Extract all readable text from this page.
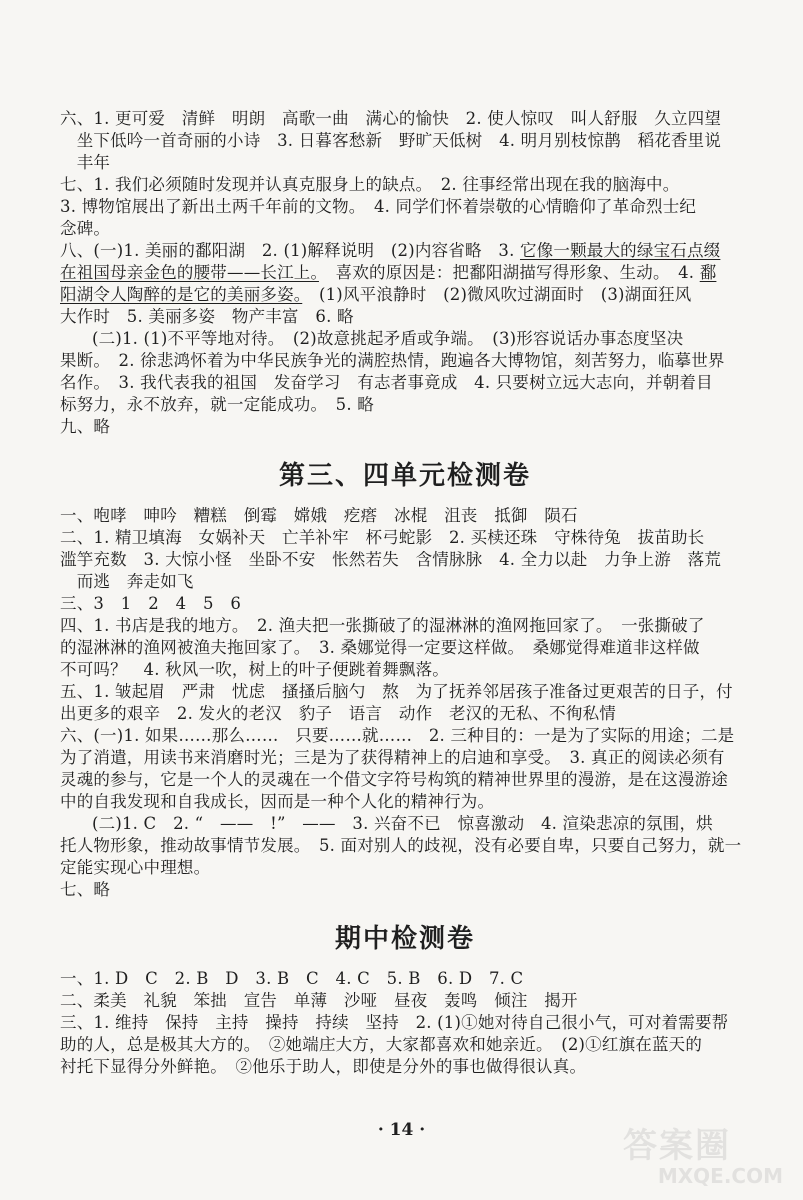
六、1. 更可爱　清鲜　明朗　高歌一曲　满心的愉快　2. 使人惊叹　叫人舒服　久立四望
　坐下低吟一首奇丽的小诗　3. 日暮客愁新　野旷天低树　4. 明月别枝惊鹊　稻花香里说
　丰年
七、1. 我们必须随时发现并认真克服身上的缺点。　2. 往事经常出现在我的脑海中。
3. 博物馆展出了新出土两千年前的文物。　4. 同学们怀着崇敬的心情瞻仰了革命烈士纪
念碑。
八、(一)1. 美丽的鄱阳湖　2. (1)解释说明　(2)内容省略　3. 它像一颗最大的绿宝石点缀
在祖国母亲金色的腰带——长江上。　喜欢的原因是：把鄱阳湖描写得形象、生动。　4. 鄱
阳湖令人陶醉的是它的美丽多姿。　(1)风平浪静时　(2)微风吹过湖面时　(3)湖面狂风
大作时　5. 美丽多姿　物产丰富　6. 略
(二)1. (1)不平等地对待。　(2)故意挑起矛盾或争端。　(3)形容说话办事态度坚决
果断。　2. 徐悲鸿怀着为中华民族争光的满腔热情，跑遍各大博物馆，刻苦努力，临摹世界
名作。　3. 我代表我的祖国　发奋学习　有志者事竟成　4. 只要树立远大志向，并朝着目
标努力，永不放弃，就一定能成功。　5. 略
九、略
第三、四单元检测卷
一、咆哮　呻吟　糟糕　倒霉　嫦娥　疙瘩　冰棍　沮丧　抵御　陨石
二、1. 精卫填海　女娲补天　亡羊补牢　杯弓蛇影　2. 买椟还珠　守株待兔　拔苗助长
滥竽充数　3. 大惊小怪　坐卧不安　怅然若失　含情脉脉　4. 全力以赴　力争上游　落荒
　而逃　奔走如飞
三、3　1　2　4　5　6
四、1. 书店是我的地方。　2. 渔夫把一张撕破了的湿淋淋的渔网拖回家了。　一张撕破了
的湿淋淋的渔网被渔夫拖回家了。　3. 桑娜觉得一定要这样做。　桑娜觉得难道非这样做
不可吗？　4. 秋风一吹，树上的叶子便跳着舞飘落。
五、1. 皱起眉　严肃　忧虑　搔搔后脑勺　熬　为了抚养邻居孩子准备过更艰苦的日子，付
出更多的艰辛　2. 发火的老汉　豹子　语言　动作　老汉的无私、不徇私情
六、(一)1. 如果……那么……　只要……就……　2. 三种目的：一是为了实际的用途；二是
为了消遣，用读书来消磨时光；三是为了获得精神上的启迪和享受。　3. 真正的阅读必须有
灵魂的参与，它是一个人的灵魂在一个借文字符号构筑的精神世界里的漫游，是在这漫游途
中的自我发现和自我成长，因而是一种个人化的精神行为。
(二)1. C　2. “　——　!”　——　3. 兴奋不已　惊喜激动　4. 渲染悲凉的氛围，烘
托人物形象，推动故事情节发展。　5. 面对别人的歧视，没有必要自卑，只要自己努力，就一
定能实现心中理想。
七、略
期中检测卷
一、1. D　C　2. B　D　3. B　C　4. C　5. B　6. D　7. C
二、柔美　礼貌　笨拙　宣告　单薄　沙哑　昼夜　轰鸣　倾注　揭开
三、1. 维持　保持　主持　操持　持续　坚持　2. (1)①她对待自己很小气，可对着需要帮
助的人，总是极其大方的。　②她端庄大方，大家都喜欢和她亲近。　(2)①红旗在蓝天的
衬托下显得分外鲜艳。　②他乐于助人，即使是分外的事也做得很认真。
· 14 ·	答案圈
MXQE.COM
